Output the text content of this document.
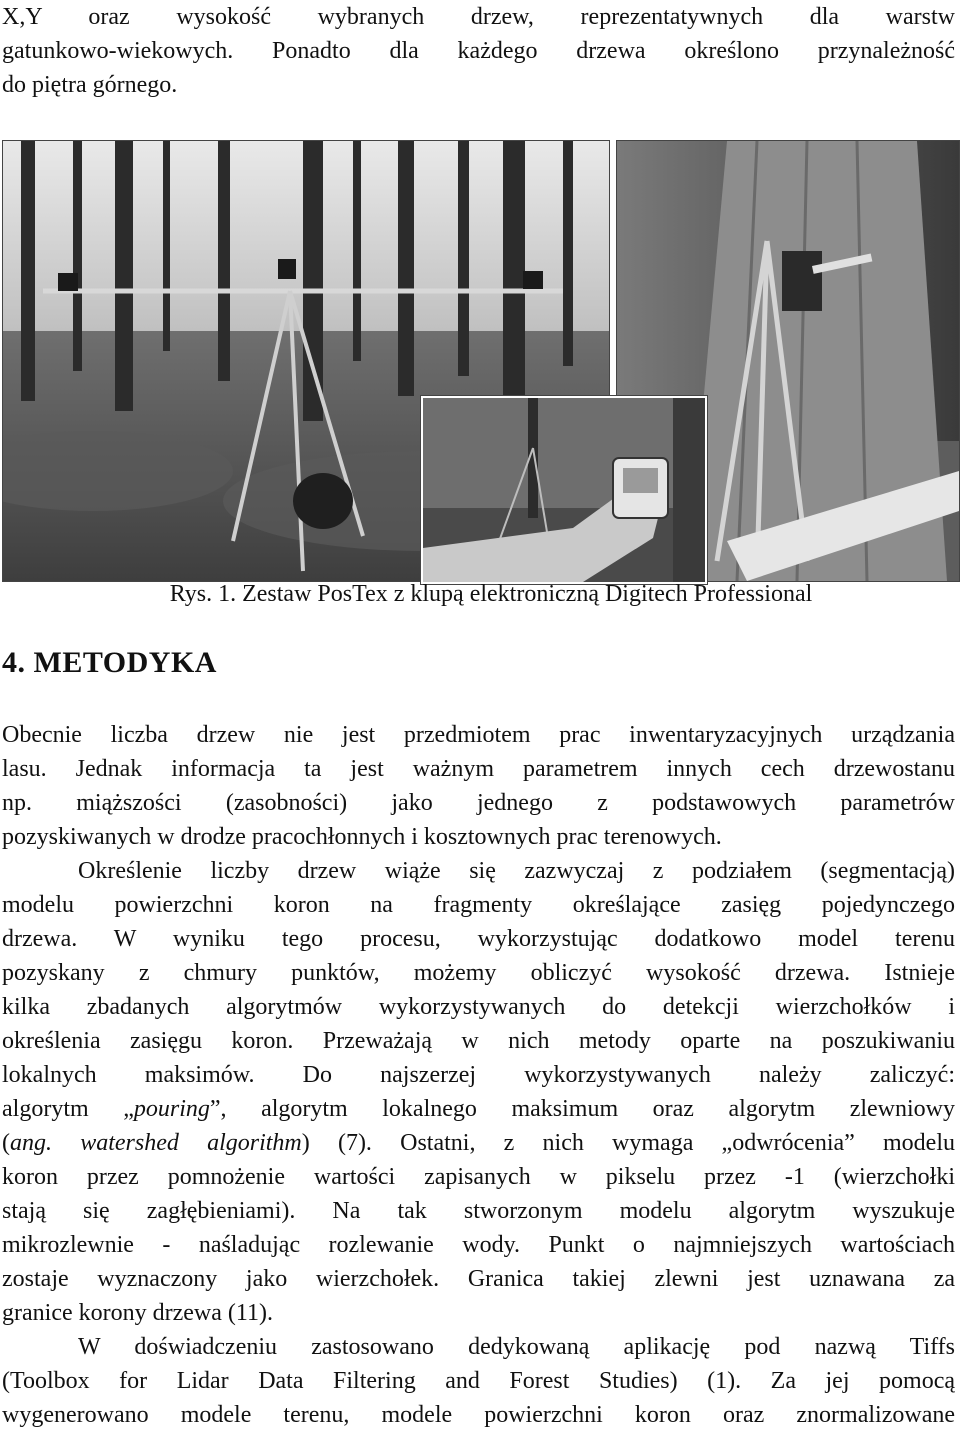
X,Y oraz wysokość wybranych drzew, reprezentatywnych dla warstw
gatunkowo-wiekowych. Ponadto dla każdego drzewa określono przynależność
do piętra górnego.
Rys. 1. Zestaw PosTex z klupą elektroniczną Digitech Professional
4. METODYKA
Obecnie liczba drzew nie jest przedmiotem prac inwentaryzacyjnych urządzania
lasu. Jednak informacja ta jest ważnym parametrem innych cech drzewostanu
np. miąższości (zasobności) jako jednego z podstawowych parametrów
pozyskiwanych w drodze pracochłonnych i kosztownych prac terenowych.
Określenie liczby drzew wiąże się zazwyczaj z podziałem (segmentacją)
modelu powierzchni koron na fragmenty określające zasięg pojedynczego
drzewa. W wyniku tego procesu, wykorzystując dodatkowo model terenu
pozyskany z chmury punktów, możemy obliczyć wysokość drzewa. Istnieje
kilka zbadanych algorytmów wykorzystywanych do detekcji wierzchołków i
określenia zasięgu koron. Przeważają w nich metody oparte na poszukiwaniu
lokalnych maksimów. Do najszerzej wykorzystywanych należy zaliczyć:
algorytm „pouring”, algorytm lokalnego maksimum oraz algorytm zlewniowy
(ang. watershed algorithm) (7). Ostatni, z nich wymaga „odwrócenia” modelu
koron przez pomnożenie wartości zapisanych w pikselu przez -1 (wierzchołki
stają się zagłębieniami). Na tak stworzonym modelu algorytm wyszukuje
mikrozlewnie - naśladując rozlewanie wody. Punkt o najmniejszych wartościach
zostaje wyznaczony jako wierzchołek. Granica takiej zlewni jest uznawana za
granice korony drzewa (11).
W doświadczeniu zastosowano dedykowaną aplikację pod nazwą Tiffs
(Toolbox for Lidar Data Filtering and Forest Studies) (1). Za jej pomocą
wygenerowano modele terenu, modele powierzchni koron oraz znormalizowane
